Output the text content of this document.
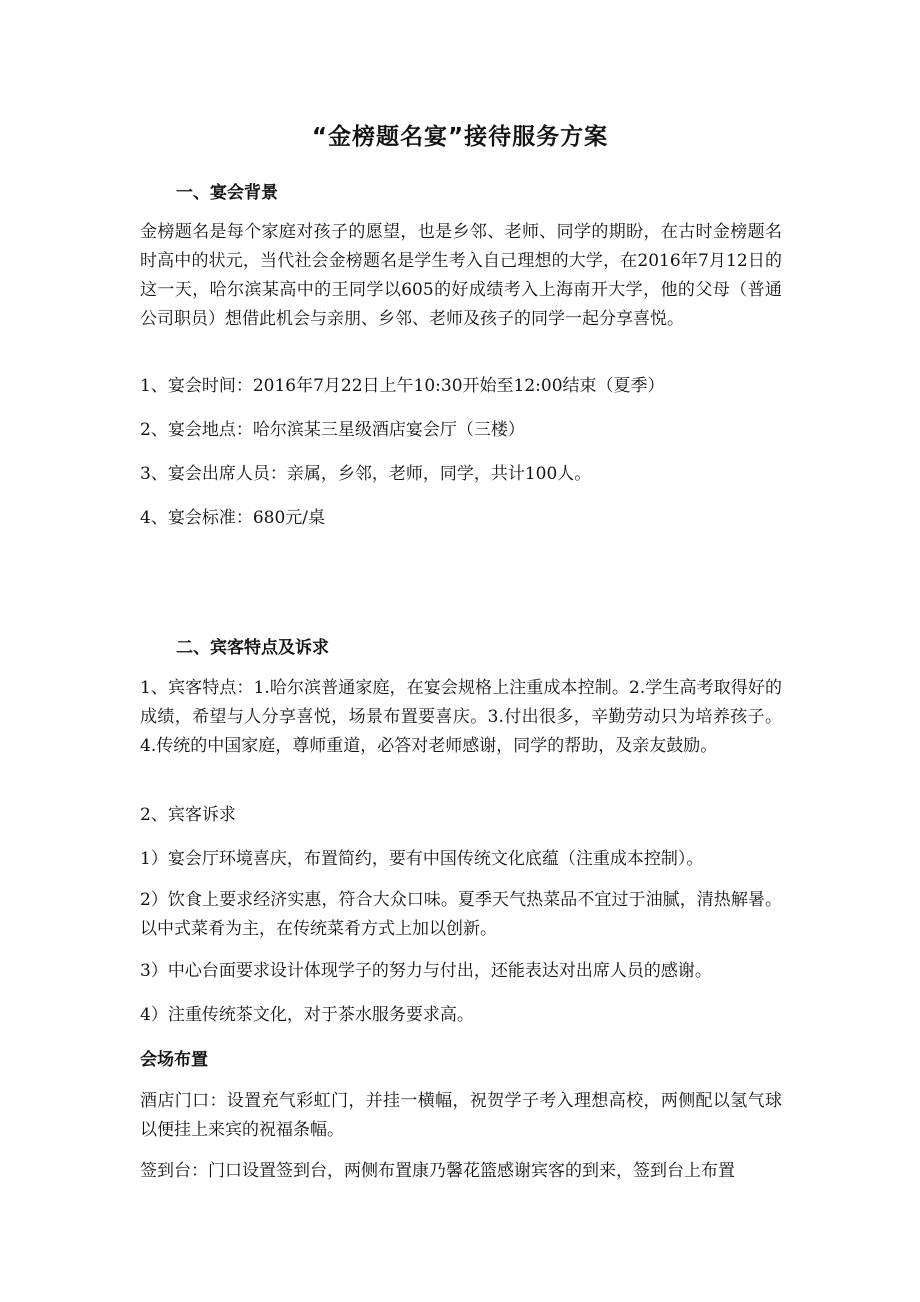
“金榜题名宴”接待服务方案
一、宴会背景
金榜题名是每个家庭对孩子的愿望，也是乡邻、老师、同学的期盼，在古时金榜题名时高中的状元，当代社会金榜题名是学生考入自己理想的大学，在2016年7月12日的这一天，哈尔滨某高中的王同学以605的好成绩考入上海南开大学，他的父母（普通公司职员）想借此机会与亲朋、乡邻、老师及孩子的同学一起分享喜悦。
1、宴会时间：2016年7月22日上午10:30开始至12:00结束（夏季）
2、宴会地点：哈尔滨某三星级酒店宴会厅（三楼）
3、宴会出席人员：亲属，乡邻，老师，同学，共计100人。
4、宴会标准：680元/桌
二、宾客特点及诉求
1、宾客特点：1.哈尔滨普通家庭，在宴会规格上注重成本控制。2.学生高考取得好的成绩，希望与人分享喜悦，场景布置要喜庆。3.付出很多，辛勤劳动只为培养孩子。4.传统的中国家庭，尊师重道，必答对老师感谢，同学的帮助，及亲友鼓励。
2、宾客诉求
1）宴会厅环境喜庆，布置简约，要有中国传统文化底蕴（注重成本控制）。
2）饮食上要求经济实惠，符合大众口味。夏季天气热菜品不宜过于油腻，清热解暑。以中式菜肴为主，在传统菜肴方式上加以创新。
3）中心台面要求设计体现学子的努力与付出，还能表达对出席人员的感谢。
4）注重传统茶文化，对于茶水服务要求高。
会场布置
酒店门口：设置充气彩虹门，并挂一横幅，祝贺学子考入理想高校，两侧配以氢气球以便挂上来宾的祝福条幅。
签到台：门口设置签到台，两侧布置康乃馨花篮感谢宾客的到来，签到台上布置
